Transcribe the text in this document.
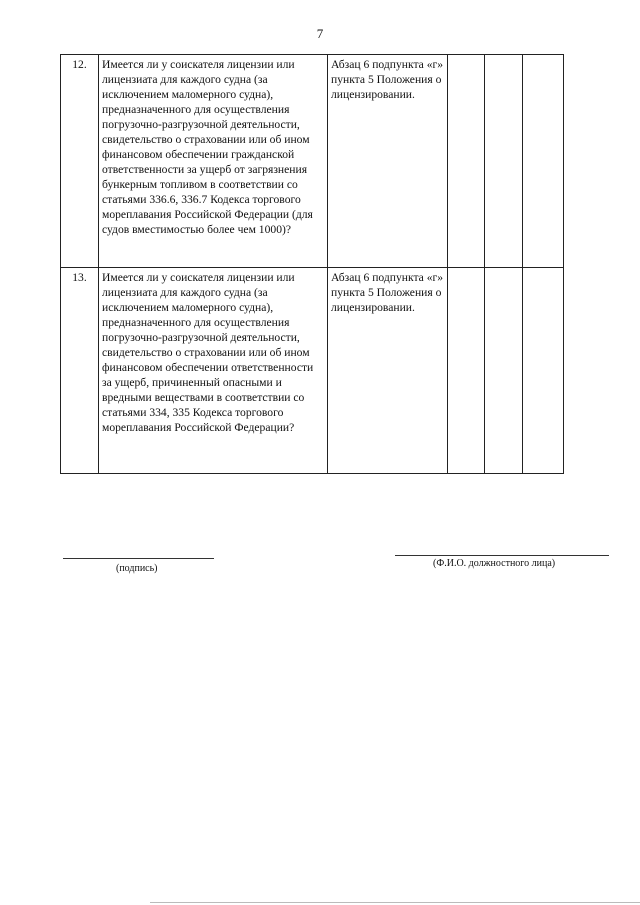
7
12.	Имеется ли у соискателя лицензии или лицензиата для каждого судна (за исключением маломерного судна), предназначенного для осуществления погрузочно-разгрузочной деятельности, свидетельство о страховании или об ином финансовом обеспечении гражданской ответственности за ущерб от загрязнения бункерным топливом в соответствии со статьями 336.6, 336.7 Кодекса торгового мореплавания Российской Федерации (для судов вместимостью более чем 1000)?	Абзац 6 подпункта «г» пункта 5 Положения о лицензировании.			
13.	Имеется ли у соискателя лицензии или лицензиата для каждого судна (за исключением маломерного судна), предназначенного для осуществления погрузочно-разгрузочной деятельности, свидетельство о страховании или об ином финансовом обеспечении ответственности за ущерб, причиненный опасными и вредными веществами в соответствии со статьями 334, 335 Кодекса торгового мореплавания Российской Федерации?	Абзац 6 подпункта «г» пункта 5 Положения о лицензировании.			
(подпись)	(Ф.И.О. должностного лица)
